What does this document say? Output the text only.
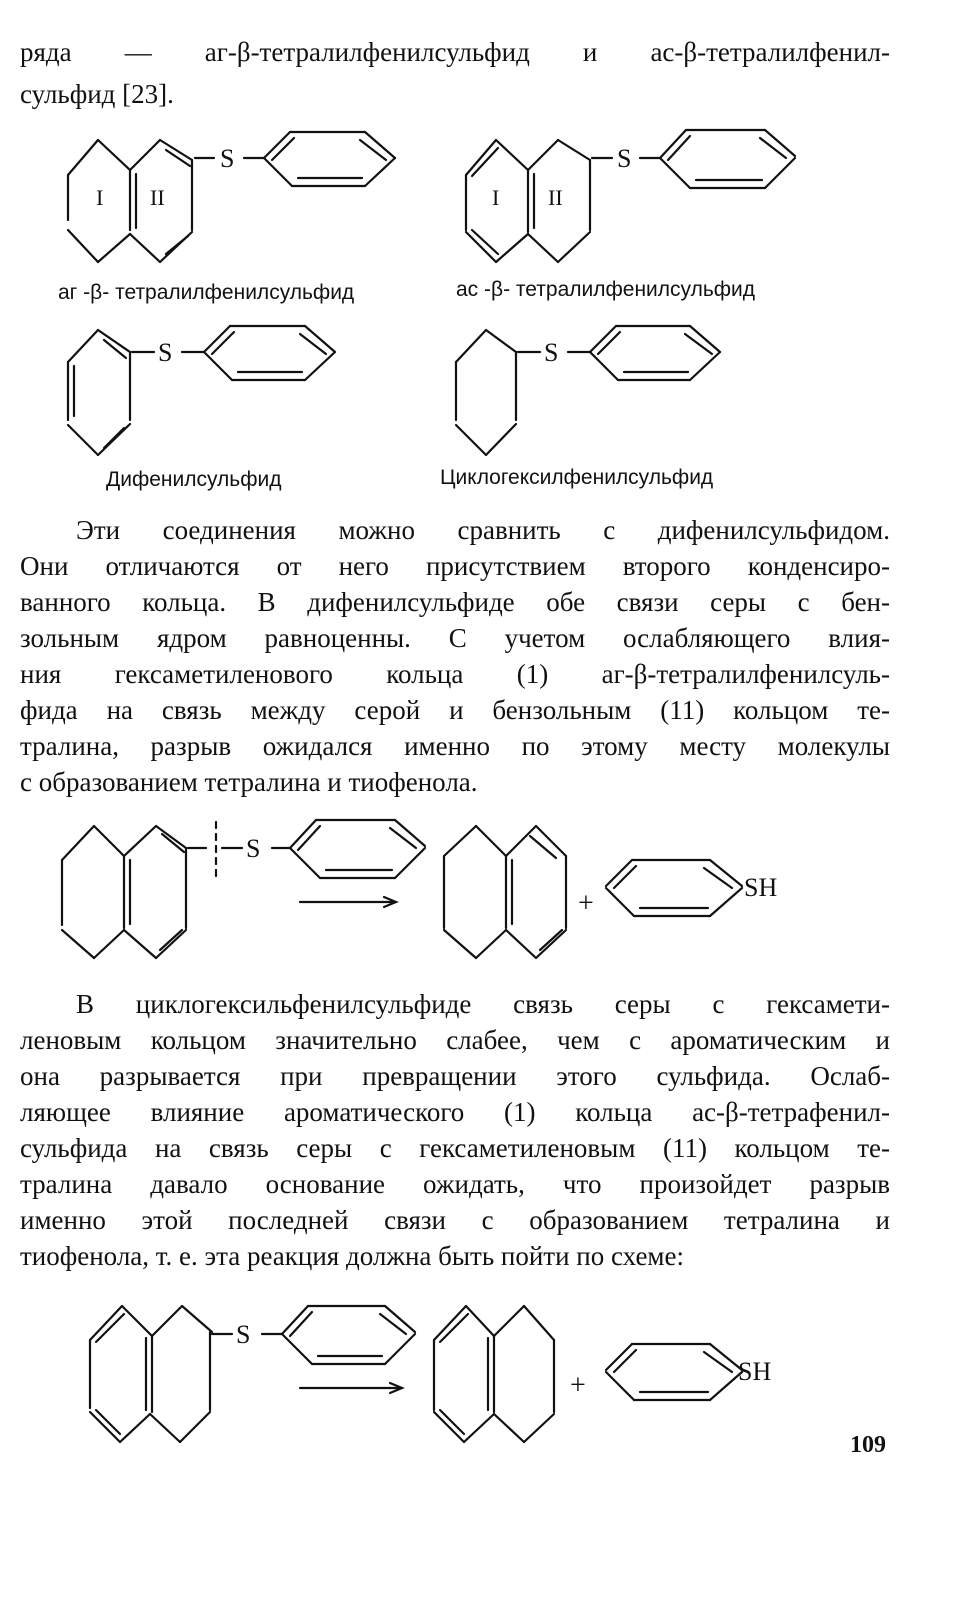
ряда — аг-β-тетралилфенилсульфид и ас-β-тетралилфенил-
сульфид [23].
S
I II
S
I II
S	S
S
+
SH
S
+	SH
аг -β- тетралилфенилсульфид	ас -β- тетралилфенилсульфид
Дифенилсульфид	Циклогексилфенилсульфид
Эти соединения можно сравнить с дифенилсульфидом.
Они отличаются от него присутствием второго конденсиро-
ванного кольца. В дифенилсульфиде обе связи серы с бен-
зольным ядром равноценны. С учетом ослабляющего влия-
ния гексаметиленового кольца (1) аг-β-тетралилфенилсуль-
фида на связь между серой и бензольным (11) кольцом те-
тралина, разрыв ожидался именно по этому месту молекулы
с образованием тетралина и тиофенола.
В циклогексильфенилсульфиде связь серы с гексамети-
леновым кольцом значительно слабее, чем с ароматическим и
она разрывается при превращении этого сульфида. Ослаб-
ляющее влияние ароматического (1) кольца ас-β-тетрафенил-
сульфида на связь серы с гексаметиленовым (11) кольцом те-
тралина давало основание ожидать, что произойдет разрыв
именно этой последней связи с образованием тетралина и
тиофенола, т. е. эта реакция должна быть пойти по схеме:
109
